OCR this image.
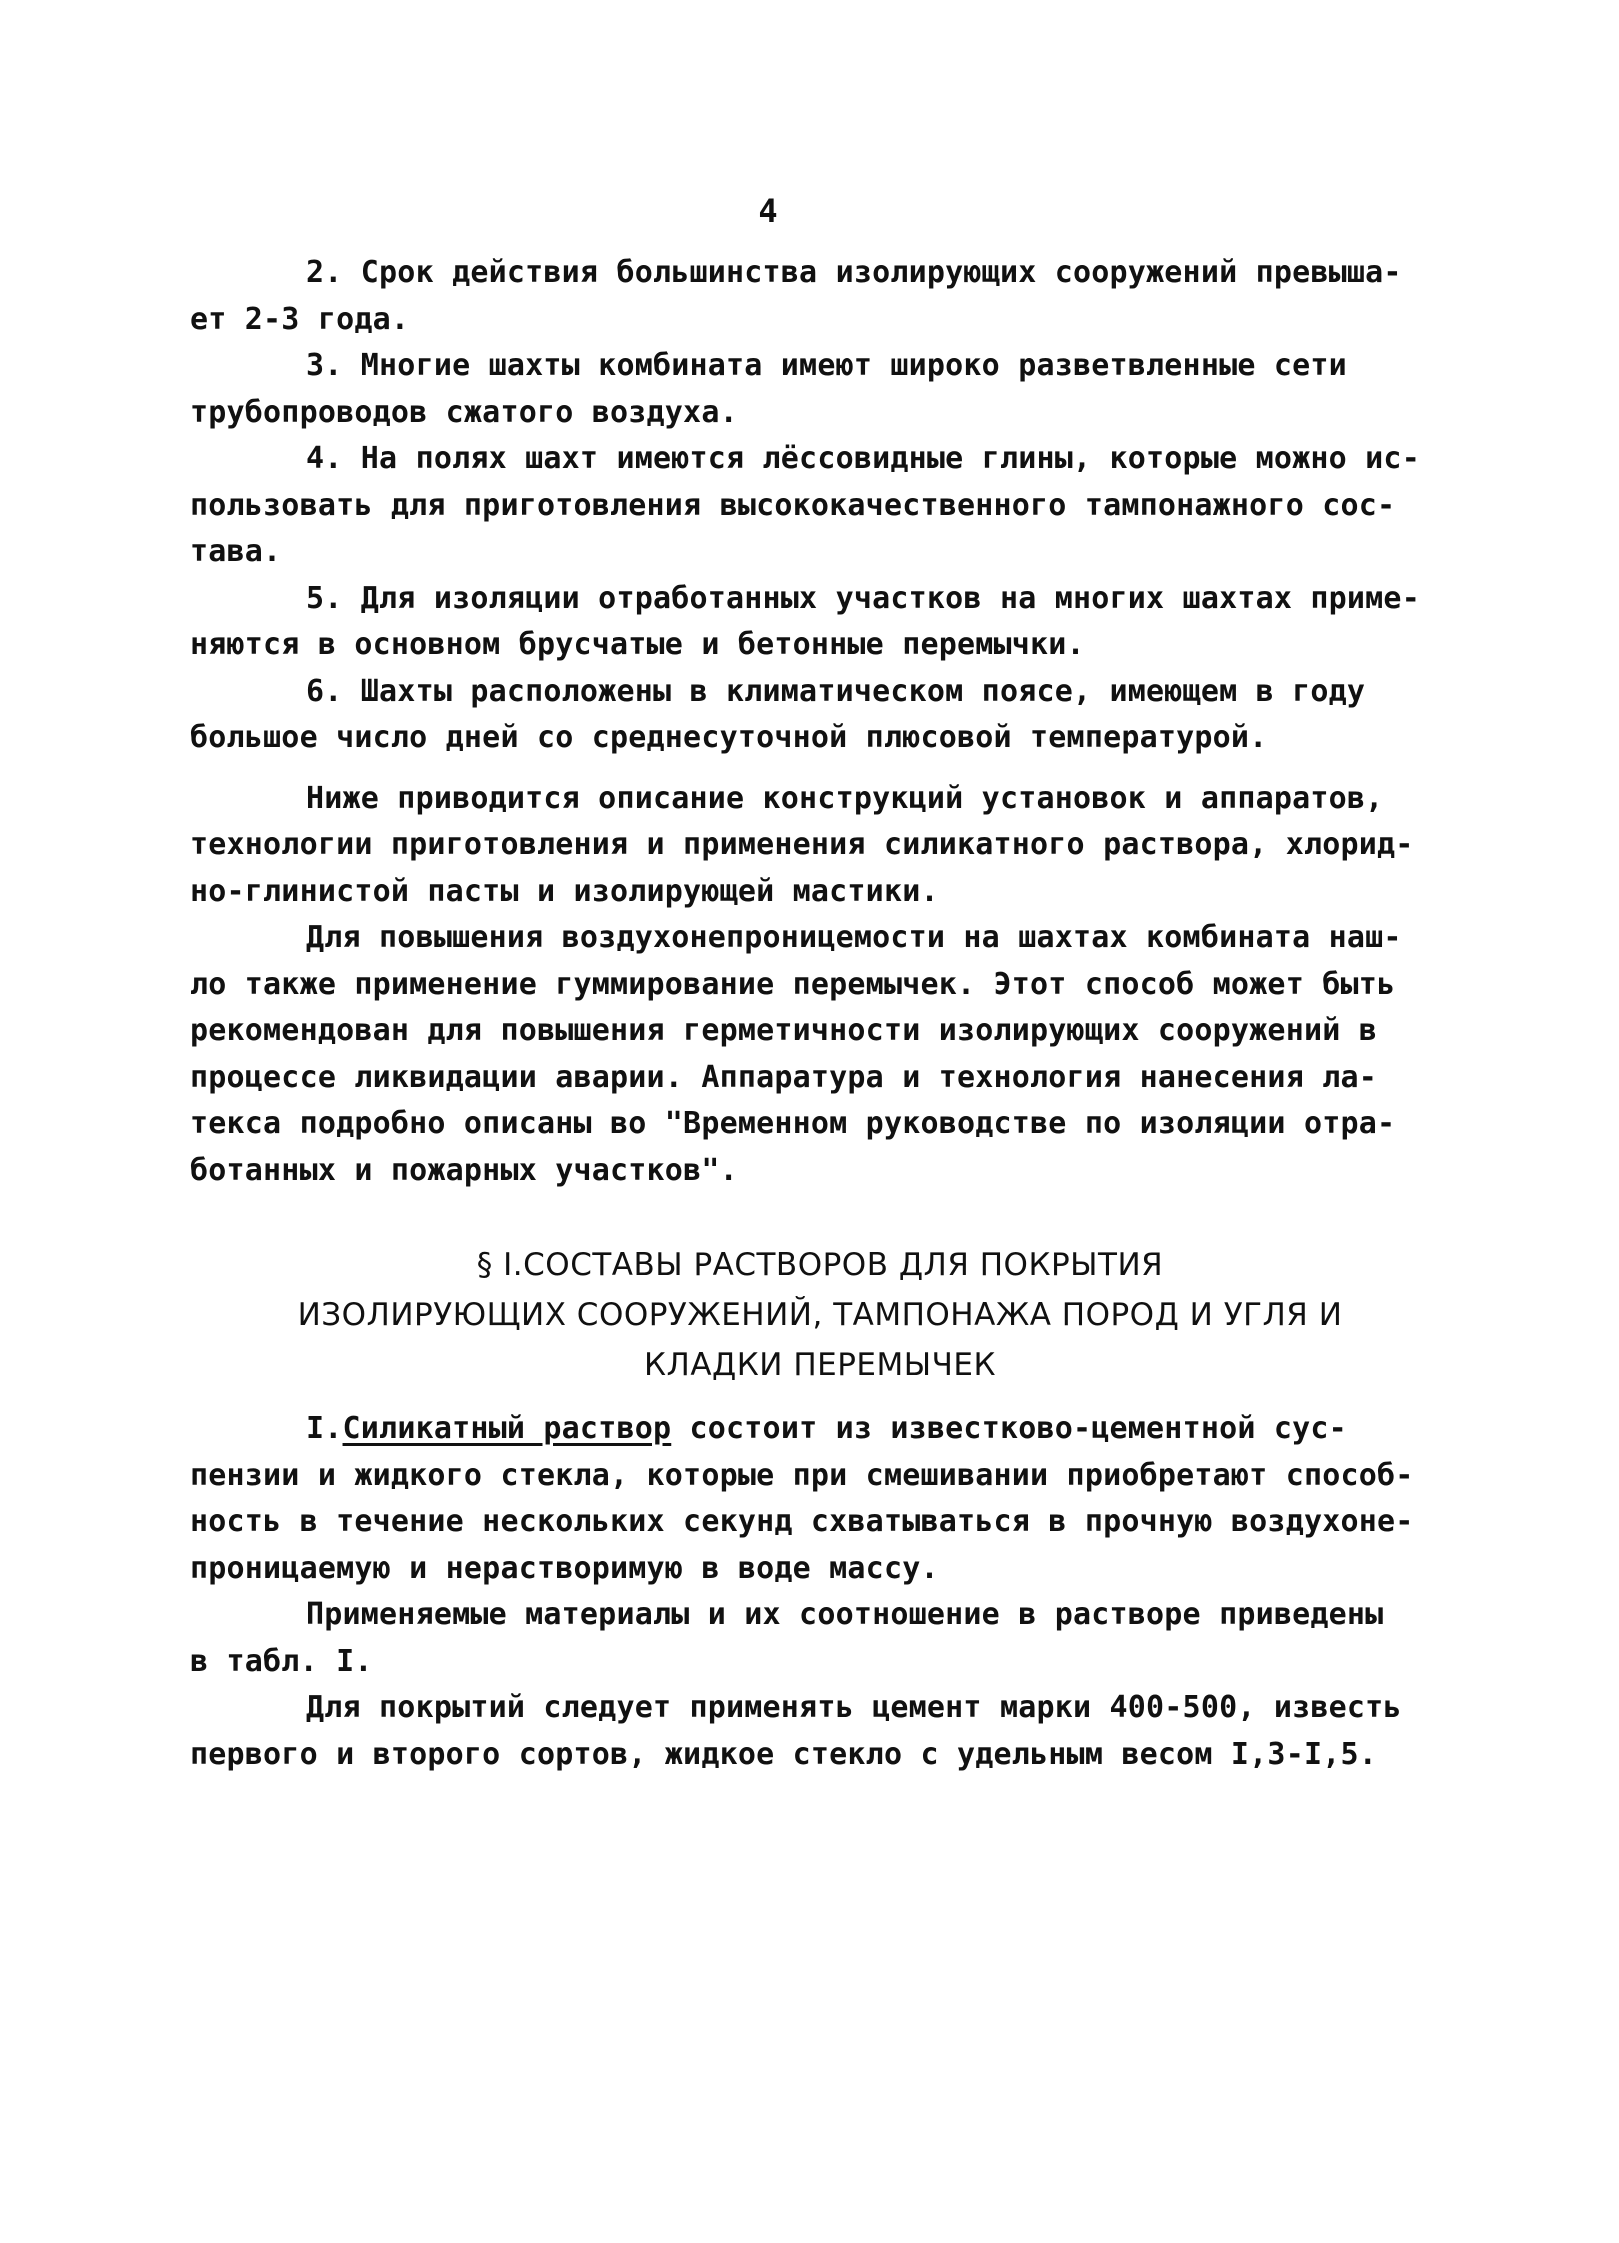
4
2. Срок действия большинства изолирующих сооружений превыша-
ет 2-3 года.
3. Многие шахты комбината имеют широко разветвленные сети
трубопроводов сжатого воздуха.
4. На полях шахт имеются лёссовидные глины, которые можно ис-
пользовать для приготовления высококачественного тампонажного сос-
тава.
5. Для изоляции отработанных участков на многих шахтах приме-
няются в основном брусчатые и бетонные перемычки.
6. Шахты расположены в климатическом поясе, имеющем в году
большое число дней со среднесуточной плюсовой температурой.
Ниже приводится описание конструкций установок и аппаратов,
технологии приготовления и применения силикатного раствора, хлорид-
но-глинистой пасты и изолирующей мастики.
Для повышения воздухонепроницемости на шахтах комбината наш-
ло также применение гуммирование перемычек. Этот способ может быть
рекомендован для повышения герметичности изолирующих сооружений в
процессе ликвидации аварии. Аппаратура и технология нанесения ла-
текса подробно описаны во "Временном руководстве по изоляции отра-
ботанных и пожарных участков".
§ I.СОСТАВЫ РАСТВОРОВ ДЛЯ ПОКРЫТИЯ
ИЗОЛИРУЮЩИХ СООРУЖЕНИЙ, ТАМПОНАЖА ПОРОД И УГЛЯ И
КЛАДКИ ПЕРЕМЫЧЕК
I.Силикатный раствор состоит из известково-цементной сус-
пензии и жидкого стекла, которые при смешивании приобретают способ-
ность в течение нескольких секунд схватываться в прочную воздухоне-
проницаемую и нерастворимую в воде массу.
Применяемые материалы и их соотношение в растворе приведены
в табл. I.
Для покрытий следует применять цемент марки 400-500, известь
первого и второго сортов, жидкое стекло с удельным весом I,3-I,5.
